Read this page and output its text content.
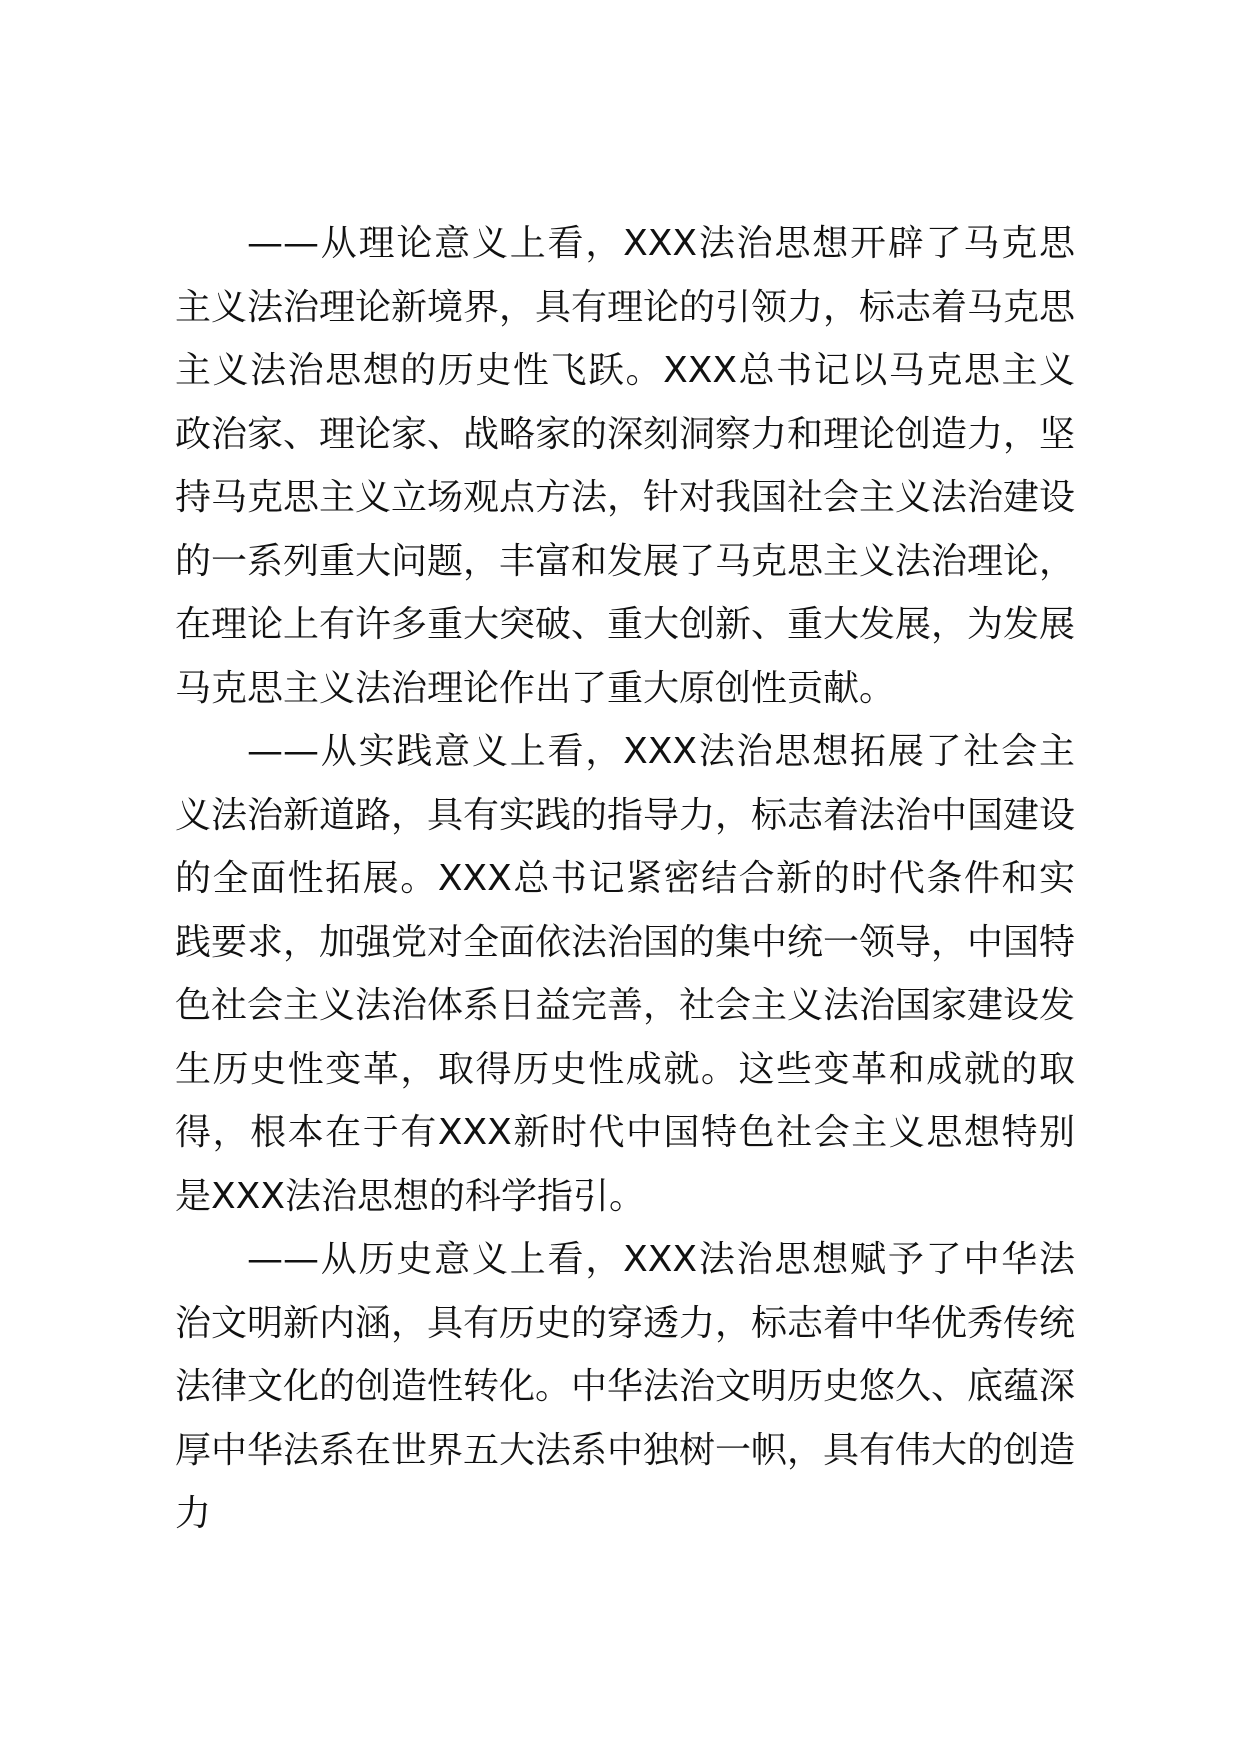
——从理论意义上看，XXX法治思想开辟了马克思主义法治理论新境界，具有理论的引领力，标志着马克思主义法治思想的历史性飞跃。XXX总书记以马克思主义政治家、理论家、战略家的深刻洞察力和理论创造力，坚持马克思主义立场观点方法，针对我国社会主义法治建设的一系列重大问题，丰富和发展了马克思主义法治理论，在理论上有许多重大突破、重大创新、重大发展，为发展马克思主义法治理论作出了重大原创性贡献。

——从实践意义上看，XXX法治思想拓展了社会主义法治新道路，具有实践的指导力，标志着法治中国建设的全面性拓展。XXX总书记紧密结合新的时代条件和实践要求，加强党对全面依法治国的集中统一领导，中国特色社会主义法治体系日益完善，社会主义法治国家建设发生历史性变革，取得历史性成就。这些变革和成就的取得，根本在于有XXX新时代中国特色社会主义思想特别是XXX法治思想的科学指引。

——从历史意义上看，XXX法治思想赋予了中华法治文明新内涵，具有历史的穿透力，标志着中华优秀传统法律文化的创造性转化。中华法治文明历史悠久、底蕴深厚中华法系在世界五大法系中独树一帜，具有伟大的创造力
